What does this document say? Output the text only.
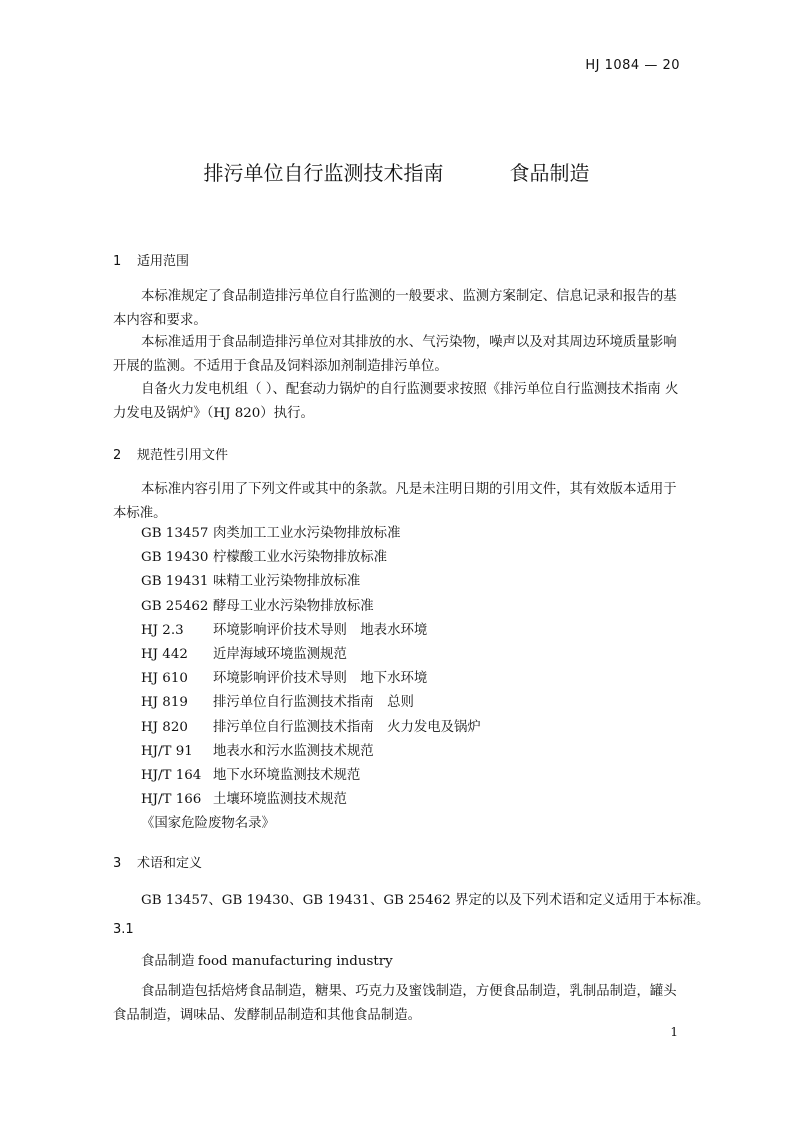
HJ 1084 — 20
排污单位自行监测技术指南	食品制造
1 适用范围

本标准规定了食品制造排污单位自行监测的一般要求、监测方案制定、信息记录和报告的基本内容和要求。

本标准适用于食品制造排污单位对其排放的水、气污染物，噪声以及对其周边环境质量影响开展的监测。不适用于食品及饲料添加剂制造排污单位。

自备火力发电机组（ ）、配套动力锅炉的自行监测要求按照《排污单位自行监测技术指南 火力发电及锅炉》（HJ 820）执行。

2 规范性引用文件

本标准内容引用了下列文件或其中的条款。凡是未注明日期的引用文件，其有效版本适用于本标准。

GB 13457 肉类加工工业水污染物排放标准
GB 19430 柠檬酸工业水污染物排放标准
GB 19431 味精工业污染物排放标准
GB 25462 酵母工业水污染物排放标准
HJ 2.3	环境影响评价技术导则　地表水环境
HJ 442	近岸海域环境监测规范
HJ 610	环境影响评价技术导则　地下水环境
HJ 819	排污单位自行监测技术指南　总则
HJ 820	排污单位自行监测技术指南　火力发电及锅炉
HJ/T 91	地表水和污水监测技术规范
HJ/T 164 地下水环境监测技术规范
HJ/T 166 土壤环境监测技术规范
《国家危险废物名录》
3 术语和定义
GB 13457、GB 19430、GB 19431、GB 25462 界定的以及下列术语和定义适用于本标准。
3.1
食品制造 food manufacturing industry

食品制造包括焙烤食品制造，糖果、巧克力及蜜饯制造，方便食品制造，乳制品制造，罐头食品制造，调味品、发酵制品制造和其他食品制造。

1
